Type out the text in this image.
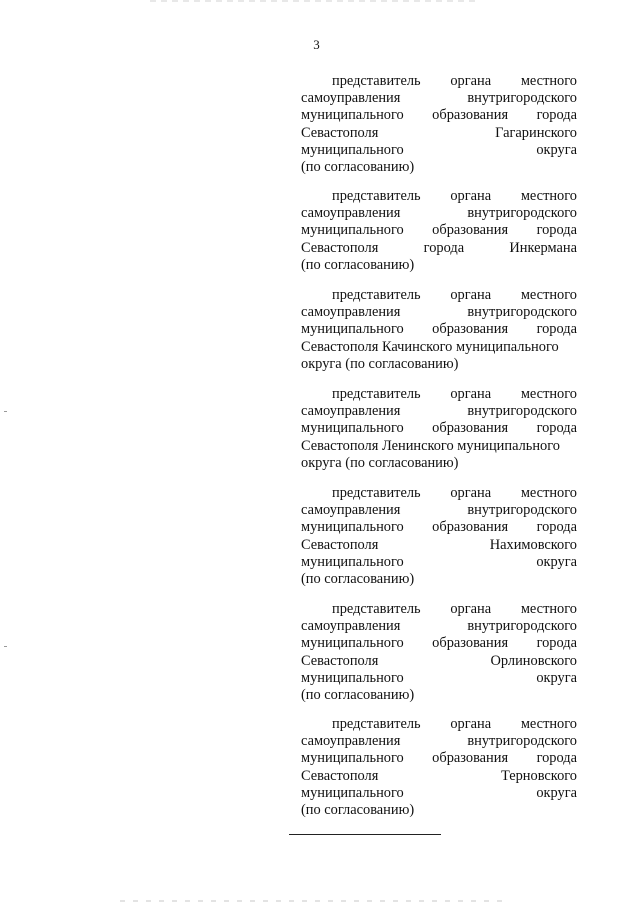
3
представитель органа местного
самоуправления	внутригородского
муниципального образования города
Севастополя	Гагаринского
муниципального	округа
(по согласованию)
представитель органа местного
самоуправления	внутригородского
муниципального образования города
Севастополя	города	Инкермана
(по согласованию)
представитель органа местного
самоуправления	внутригородского
муниципального образования города
Севастополя Качинского муниципального
округа (по согласованию)
представитель органа местного
самоуправления	внутригородского
муниципального образования города
Севастополя Ленинского муниципального
округа (по согласованию)
представитель органа местного
самоуправления	внутригородского
муниципального образования города
Севастополя	Нахимовского
муниципального	округа
(по согласованию)
представитель органа местного
самоуправления	внутригородского
муниципального образования города
Севастополя	Орлиновского
муниципального	округа
(по согласованию)
представитель органа местного
самоуправления	внутригородского
муниципального образования города
Севастополя	Терновского
муниципального	округа
(по согласованию)
